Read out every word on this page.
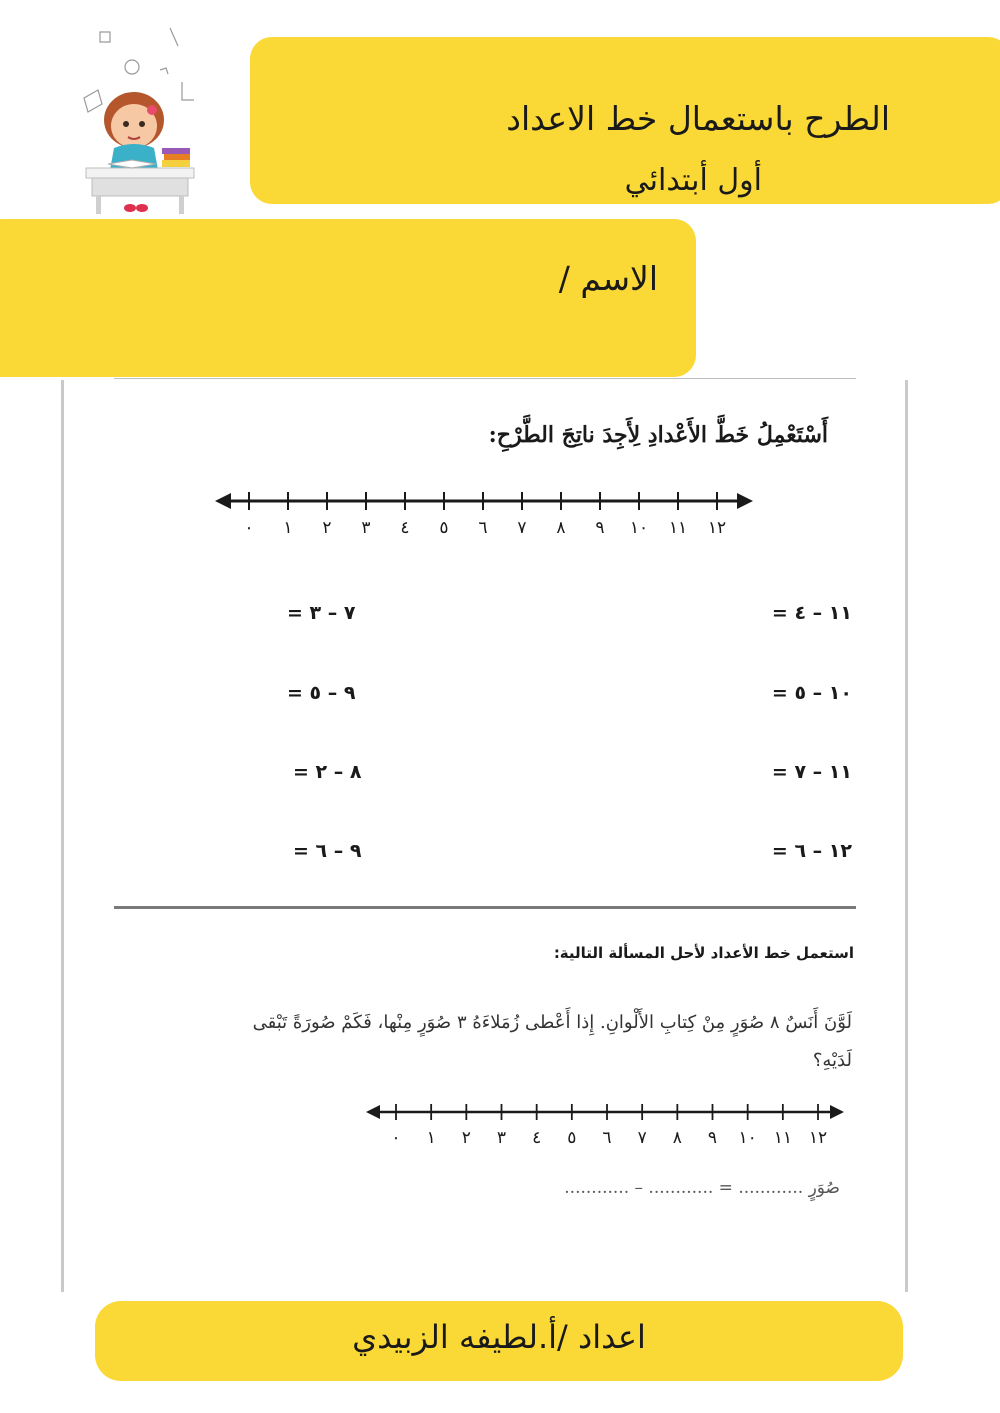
الطرح باستعمال خط الاعداد
أول أبتدائي
الاسم /
أَسْتَعْمِلُ خَطَّ الأَعْدادِ لِأَجِدَ ناتِجَ الطَّرْحِ:
٠	١	٢	٣	٤	٥	٦	٧	٨	٩	١٠	١١	١٢
١١ – ٤ =
١٠ – ٥ =
١١ – ٧ =
١٢ – ٦ =
٧ – ٣ =
٩ – ٥ =
٨ – ٢ =
٩ – ٦ =
استعمل خط الأعداد لأحل المسألة التالية:
لَوَّنَ أَنَسٌ ٨ صُوَرٍ مِنْ كِتابِ الأَلْوانِ. إِذا أَعْطى زُمَلاءَهُ ٣ صُوَرٍ مِنْها، فَكَمْ صُورَةً تَبْقى
لَدَيْهِ؟
٠	١	٢	٣	٤	٥	٦	٧	٨	٩	١٠ ١١ ١٢
صُوَرٍ ............ = ............ – ............
اعداد /أ.لطيفه الزبيدي
